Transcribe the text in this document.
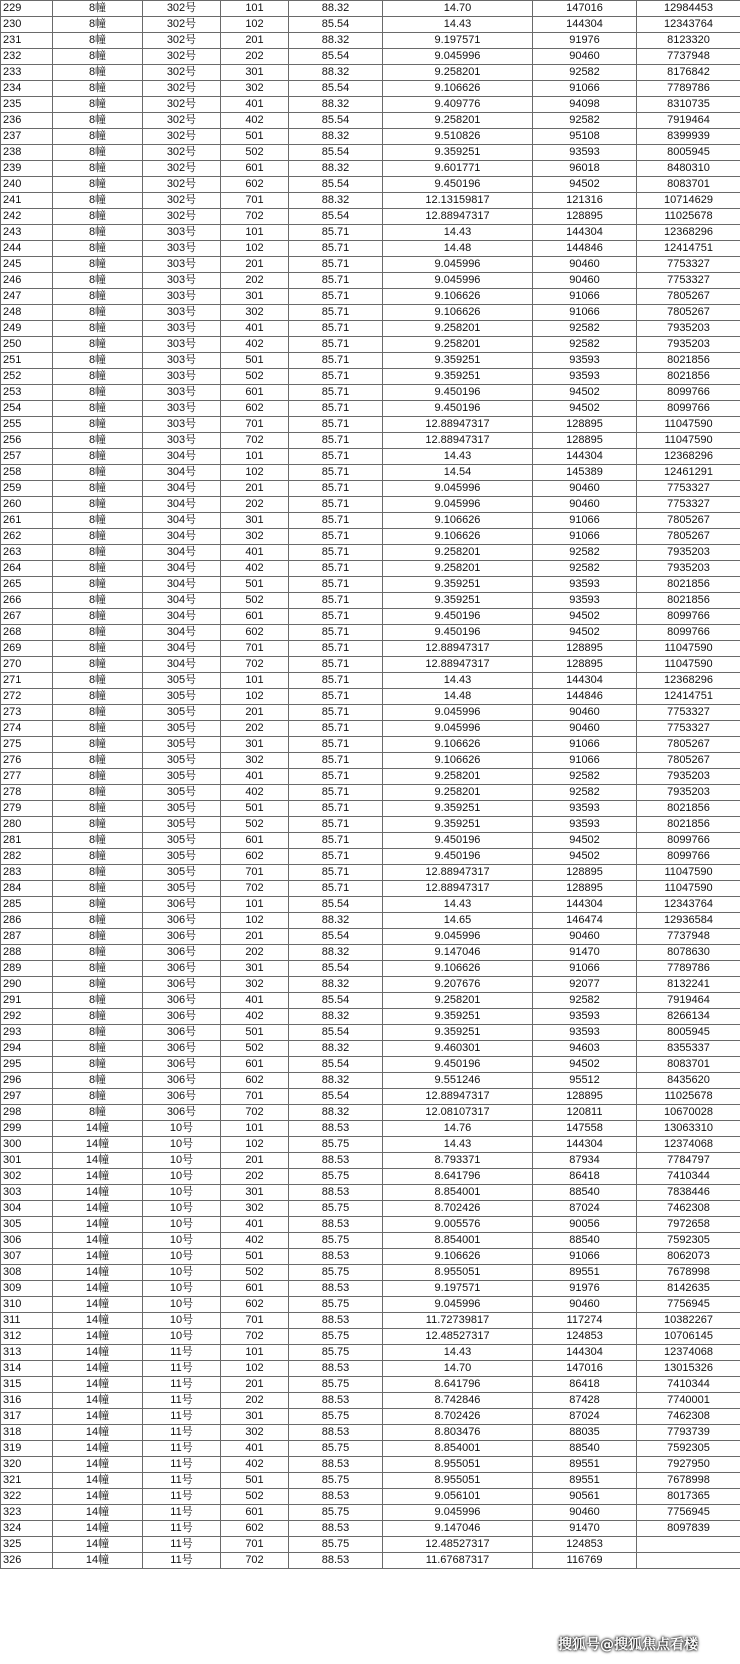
229	8幢	302号	101	88.32	14.70	147016	12984453
230	8幢	302号	102	85.54	14.43	144304	12343764
231	8幢	302号	201	88.32	9.197571	91976	8123320
232	8幢	302号	202	85.54	9.045996	90460	7737948
233	8幢	302号	301	88.32	9.258201	92582	8176842
234	8幢	302号	302	85.54	9.106626	91066	7789786
235	8幢	302号	401	88.32	9.409776	94098	8310735
236	8幢	302号	402	85.54	9.258201	92582	7919464
237	8幢	302号	501	88.32	9.510826	95108	8399939
238	8幢	302号	502	85.54	9.359251	93593	8005945
239	8幢	302号	601	88.32	9.601771	96018	8480310
240	8幢	302号	602	85.54	9.450196	94502	8083701
241	8幢	302号	701	88.32	12.13159817	121316	10714629
242	8幢	302号	702	85.54	12.88947317	128895	11025678
243	8幢	303号	101	85.71	14.43	144304	12368296
244	8幢	303号	102	85.71	14.48	144846	12414751
245	8幢	303号	201	85.71	9.045996	90460	7753327
246	8幢	303号	202	85.71	9.045996	90460	7753327
247	8幢	303号	301	85.71	9.106626	91066	7805267
248	8幢	303号	302	85.71	9.106626	91066	7805267
249	8幢	303号	401	85.71	9.258201	92582	7935203
250	8幢	303号	402	85.71	9.258201	92582	7935203
251	8幢	303号	501	85.71	9.359251	93593	8021856
252	8幢	303号	502	85.71	9.359251	93593	8021856
253	8幢	303号	601	85.71	9.450196	94502	8099766
254	8幢	303号	602	85.71	9.450196	94502	8099766
255	8幢	303号	701	85.71	12.88947317	128895	11047590
256	8幢	303号	702	85.71	12.88947317	128895	11047590
257	8幢	304号	101	85.71	14.43	144304	12368296
258	8幢	304号	102	85.71	14.54	145389	12461291
259	8幢	304号	201	85.71	9.045996	90460	7753327
260	8幢	304号	202	85.71	9.045996	90460	7753327
261	8幢	304号	301	85.71	9.106626	91066	7805267
262	8幢	304号	302	85.71	9.106626	91066	7805267
263	8幢	304号	401	85.71	9.258201	92582	7935203
264	8幢	304号	402	85.71	9.258201	92582	7935203
265	8幢	304号	501	85.71	9.359251	93593	8021856
266	8幢	304号	502	85.71	9.359251	93593	8021856
267	8幢	304号	601	85.71	9.450196	94502	8099766
268	8幢	304号	602	85.71	9.450196	94502	8099766
269	8幢	304号	701	85.71	12.88947317	128895	11047590
270	8幢	304号	702	85.71	12.88947317	128895	11047590
271	8幢	305号	101	85.71	14.43	144304	12368296
272	8幢	305号	102	85.71	14.48	144846	12414751
273	8幢	305号	201	85.71	9.045996	90460	7753327
274	8幢	305号	202	85.71	9.045996	90460	7753327
275	8幢	305号	301	85.71	9.106626	91066	7805267
276	8幢	305号	302	85.71	9.106626	91066	7805267
277	8幢	305号	401	85.71	9.258201	92582	7935203
278	8幢	305号	402	85.71	9.258201	92582	7935203
279	8幢	305号	501	85.71	9.359251	93593	8021856
280	8幢	305号	502	85.71	9.359251	93593	8021856
281	8幢	305号	601	85.71	9.450196	94502	8099766
282	8幢	305号	602	85.71	9.450196	94502	8099766
283	8幢	305号	701	85.71	12.88947317	128895	11047590
284	8幢	305号	702	85.71	12.88947317	128895	11047590
285	8幢	306号	101	85.54	14.43	144304	12343764
286	8幢	306号	102	88.32	14.65	146474	12936584
287	8幢	306号	201	85.54	9.045996	90460	7737948
288	8幢	306号	202	88.32	9.147046	91470	8078630
289	8幢	306号	301	85.54	9.106626	91066	7789786
290	8幢	306号	302	88.32	9.207676	92077	8132241
291	8幢	306号	401	85.54	9.258201	92582	7919464
292	8幢	306号	402	88.32	9.359251	93593	8266134
293	8幢	306号	501	85.54	9.359251	93593	8005945
294	8幢	306号	502	88.32	9.460301	94603	8355337
295	8幢	306号	601	85.54	9.450196	94502	8083701
296	8幢	306号	602	88.32	9.551246	95512	8435620
297	8幢	306号	701	85.54	12.88947317	128895	11025678
298	8幢	306号	702	88.32	12.08107317	120811	10670028
299	14幢	10号	101	88.53	14.76	147558	13063310
300	14幢	10号	102	85.75	14.43	144304	12374068
301	14幢	10号	201	88.53	8.793371	87934	7784797
302	14幢	10号	202	85.75	8.641796	86418	7410344
303	14幢	10号	301	88.53	8.854001	88540	7838446
304	14幢	10号	302	85.75	8.702426	87024	7462308
305	14幢	10号	401	88.53	9.005576	90056	7972658
306	14幢	10号	402	85.75	8.854001	88540	7592305
307	14幢	10号	501	88.53	9.106626	91066	8062073
308	14幢	10号	502	85.75	8.955051	89551	7678998
309	14幢	10号	601	88.53	9.197571	91976	8142635
310	14幢	10号	602	85.75	9.045996	90460	7756945
311	14幢	10号	701	88.53	11.72739817	117274	10382267
312	14幢	10号	702	85.75	12.48527317	124853	10706145
313	14幢	11号	101	85.75	14.43	144304	12374068
314	14幢	11号	102	88.53	14.70	147016	13015326
315	14幢	11号	201	85.75	8.641796	86418	7410344
316	14幢	11号	202	88.53	8.742846	87428	7740001
317	14幢	11号	301	85.75	8.702426	87024	7462308
318	14幢	11号	302	88.53	8.803476	88035	7793739
319	14幢	11号	401	85.75	8.854001	88540	7592305
320	14幢	11号	402	88.53	8.955051	89551	7927950
321	14幢	11号	501	85.75	8.955051	89551	7678998
322	14幢	11号	502	88.53	9.056101	90561	8017365
323	14幢	11号	601	85.75	9.045996	90460	7756945
324	14幢	11号	602	88.53	9.147046	91470	8097839
325	14幢	11号	701	85.75	12.48527317	124853	
326	14幢	11号	702	88.53	11.67687317	116769	
搜狐号@搜狐焦点看楼
